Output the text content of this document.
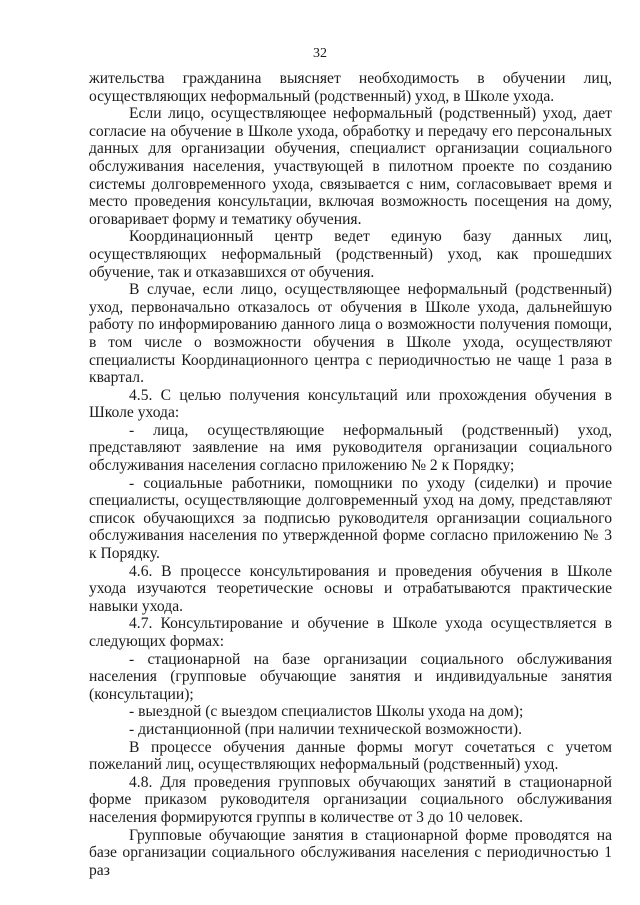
32

жительства гражданина выясняет необходимость в обучении лиц, осуществляющих неформальный (родственный) уход, в Школе ухода.

Если лицо, осуществляющее неформальный (родственный) уход, дает согласие на обучение в Школе ухода, обработку и передачу его персональных данных для организации обучения, специалист организации социального обслуживания населения, участвующей в пилотном проекте по созданию системы долговременного ухода, связывается с ним, согласовывает время и место проведения консультации, включая возможность посещения на дому, оговаривает форму и тематику обучения.

Координационный центр ведет единую базу данных лиц, осуществляющих неформальный (родственный) уход, как прошедших обучение, так и отказавшихся от обучения.

В случае, если лицо, осуществляющее неформальный (родственный) уход, первоначально отказалось от обучения в Школе ухода, дальнейшую работу по информированию данного лица о возможности получения помощи, в том числе о возможности обучения в Школе ухода, осуществляют специалисты Координационного центра с периодичностью не чаще 1 раза в квартал.

4.5. С целью получения консультаций или прохождения обучения в Школе ухода:

- лица, осуществляющие неформальный (родственный) уход, представляют заявление на имя руководителя организации социального обслуживания населения согласно приложению № 2 к Порядку;

- социальные работники, помощники по уходу (сиделки) и прочие специалисты, осуществляющие долговременный уход на дому, представляют список обучающихся за подписью руководителя организации социального обслуживания населения по утвержденной форме согласно приложению № 3 к Порядку.

4.6. В процессе консультирования и проведения обучения в Школе ухода изучаются теоретические основы и отрабатываются практические навыки ухода.

4.7. Консультирование и обучение в Школе ухода осуществляется в следующих формах:

- стационарной на базе организации социального обслуживания населения (групповые обучающие занятия и индивидуальные занятия (консультации);

- выездной (с выездом специалистов Школы ухода на дом);

- дистанционной (при наличии технической возможности).

В процессе обучения данные формы могут сочетаться с учетом пожеланий лиц, осуществляющих неформальный (родственный) уход.

4.8. Для проведения групповых обучающих занятий в стационарной форме приказом руководителя организации социального обслуживания населения формируются группы в количестве от 3 до 10 человек.

Групповые обучающие занятия в стационарной форме проводятся на базе организации социального обслуживания населения с периодичностью 1 раз
